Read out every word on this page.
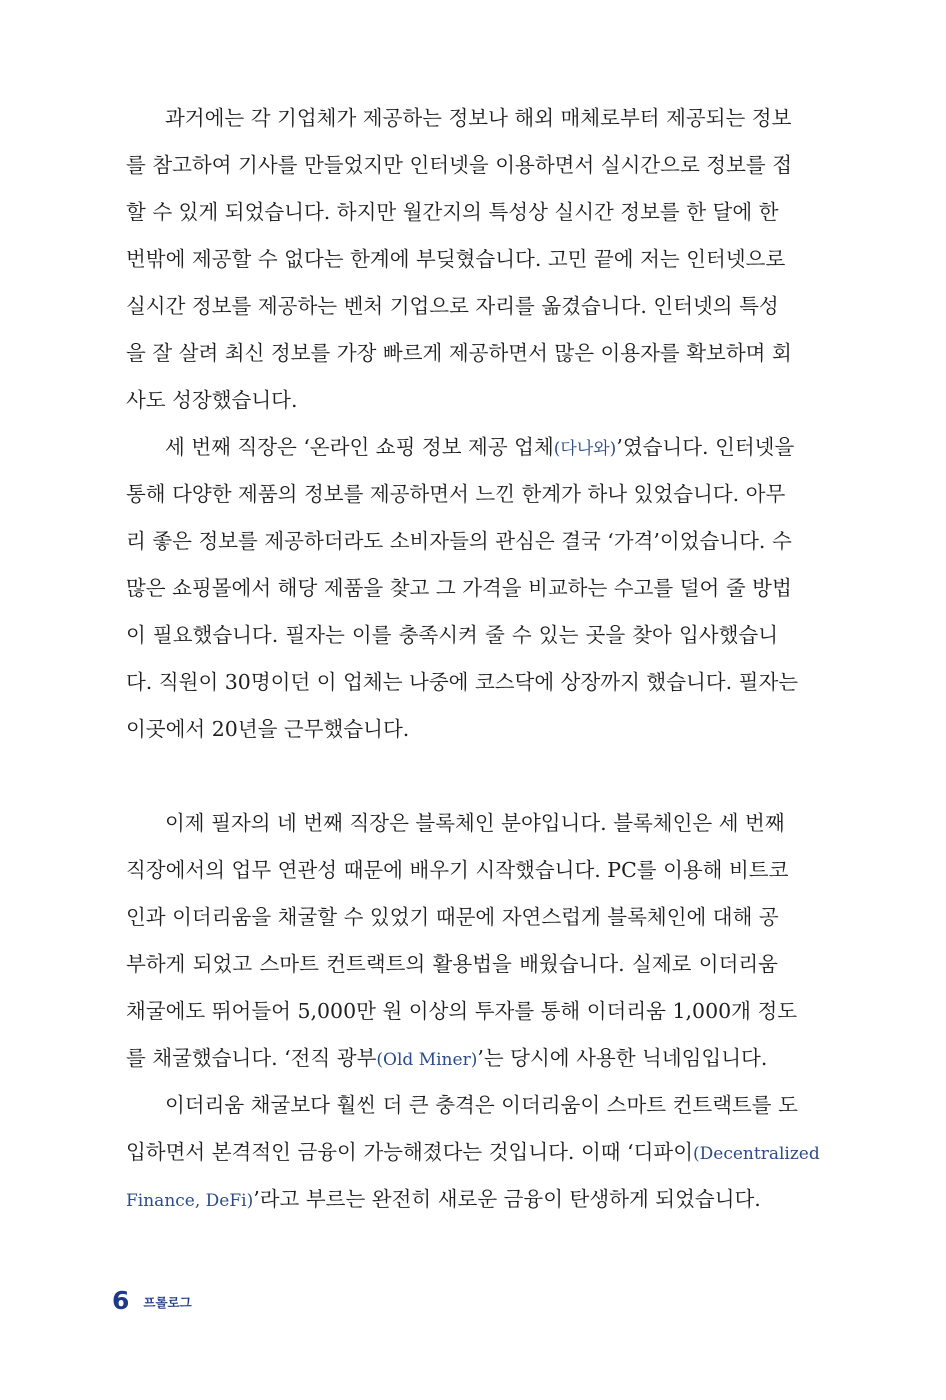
과거에는 각 기업체가 제공하는 정보나 해외 매체로부터 제공되는 정보
를 참고하여 기사를 만들었지만 인터넷을 이용하면서 실시간으로 정보를 접
할 수 있게 되었습니다. 하지만 월간지의 특성상 실시간 정보를 한 달에 한
번밖에 제공할 수 없다는 한계에 부딪혔습니다. 고민 끝에 저는 인터넷으로
실시간 정보를 제공하는 벤처 기업으로 자리를 옮겼습니다. 인터넷의 특성
을 잘 살려 최신 정보를 가장 빠르게 제공하면서 많은 이용자를 확보하며 회
사도 성장했습니다.
세 번째 직장은 ‘온라인 쇼핑 정보 제공 업체(다나와)’였습니다. 인터넷을
통해 다양한 제품의 정보를 제공하면서 느낀 한계가 하나 있었습니다. 아무
리 좋은 정보를 제공하더라도 소비자들의 관심은 결국 ‘가격’이었습니다. 수
많은 쇼핑몰에서 해당 제품을 찾고 그 가격을 비교하는 수고를 덜어 줄 방법
이 필요했습니다. 필자는 이를 충족시켜 줄 수 있는 곳을 찾아 입사했습니
다. 직원이 30명이던 이 업체는 나중에 코스닥에 상장까지 했습니다. 필자는
이곳에서 20년을 근무했습니다.
이제 필자의 네 번째 직장은 블록체인 분야입니다. 블록체인은 세 번째
직장에서의 업무 연관성 때문에 배우기 시작했습니다. PC를 이용해 비트코
인과 이더리움을 채굴할 수 있었기 때문에 자연스럽게 블록체인에 대해 공
부하게 되었고 스마트 컨트랙트의 활용법을 배웠습니다. 실제로 이더리움
채굴에도 뛰어들어 5,000만 원 이상의 투자를 통해 이더리움 1,000개 정도
를 채굴했습니다. ‘전직 광부(Old Miner)’는 당시에 사용한 닉네임입니다.
이더리움 채굴보다 훨씬 더 큰 충격은 이더리움이 스마트 컨트랙트를 도
입하면서 본격적인 금융이 가능해졌다는 것입니다. 이때 ‘디파이(Decentralized
Finance, DeFi)’라고 부르는 완전히 새로운 금융이 탄생하게 되었습니다.
6 프롤로그
